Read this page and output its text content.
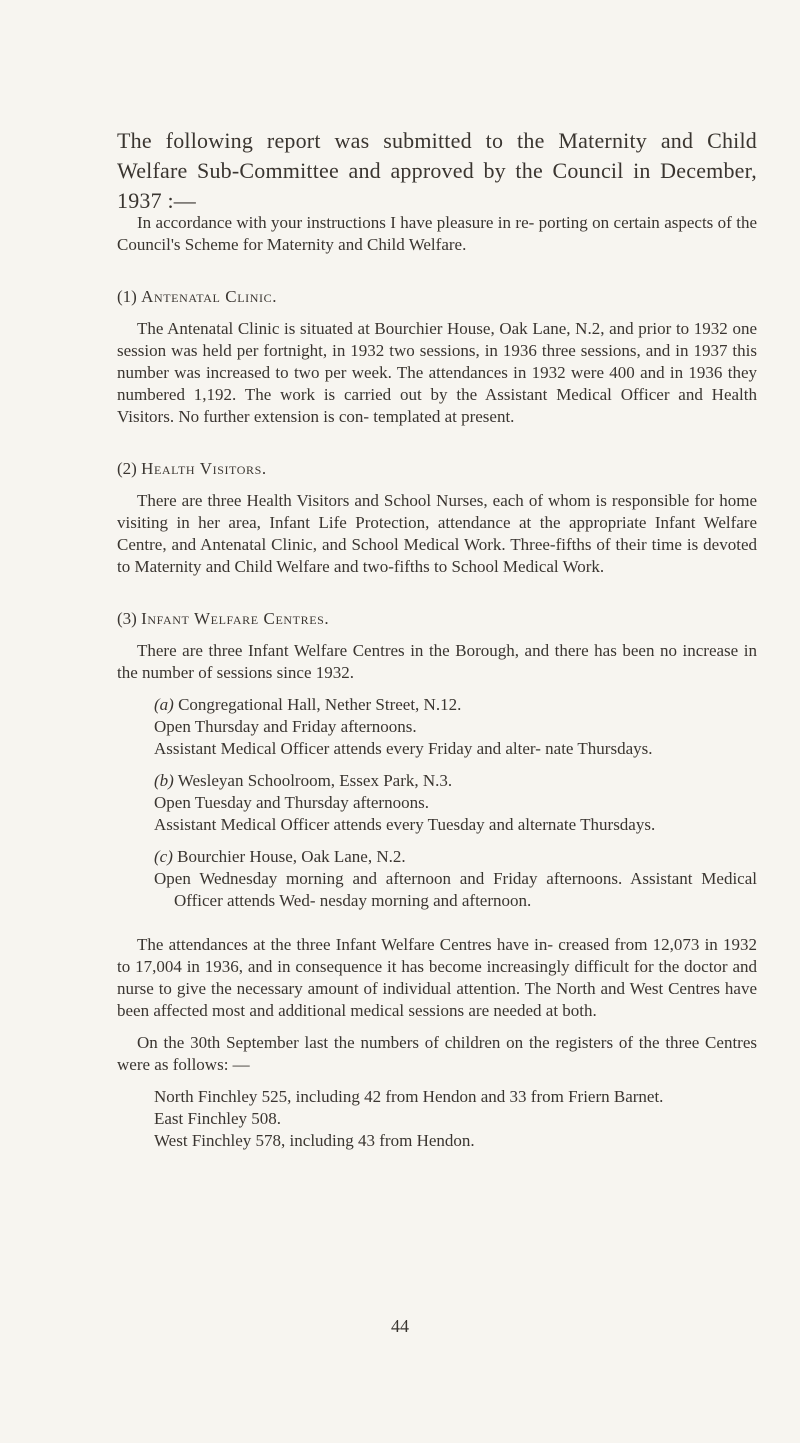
The following report was submitted to the Maternity and Child Welfare Sub-Committee and approved by the Council in December, 1937 :—

In accordance with your instructions I have pleasure in re- porting on certain aspects of the Council's Scheme for Maternity and Child Welfare.

(1) Antenatal Clinic.

The Antenatal Clinic is situated at Bourchier House, Oak Lane, N.2, and prior to 1932 one session was held per fortnight, in 1932 two sessions, in 1936 three sessions, and in 1937 this number was increased to two per week. The attendances in 1932 were 400 and in 1936 they numbered 1,192. The work is carried out by the Assistant Medical Officer and Health Visitors. No further extension is con- templated at present.

(2) Health Visitors.

There are three Health Visitors and School Nurses, each of whom is responsible for home visiting in her area, Infant Life Protection, attendance at the appropriate Infant Welfare Centre, and Antenatal Clinic, and School Medical Work. Three-fifths of their time is devoted to Maternity and Child Welfare and two-fifths to School Medical Work.

(3) Infant Welfare Centres.

There are three Infant Welfare Centres in the Borough, and there has been no increase in the number of sessions since 1932.

(a) Congregational Hall, Nether Street, N.12.

Open Thursday and Friday afternoons.

Assistant Medical Officer attends every Friday and alter- nate Thursdays.

(b) Wesleyan Schoolroom, Essex Park, N.3.

Open Tuesday and Thursday afternoons.

Assistant Medical Officer attends every Tuesday and alternate Thursdays.

(c) Bourchier House, Oak Lane, N.2.

Open Wednesday morning and afternoon and Friday afternoons. Assistant Medical Officer attends Wed- nesday morning and afternoon.

The attendances at the three Infant Welfare Centres have in- creased from 12,073 in 1932 to 17,004 in 1936, and in consequence it has become increasingly difficult for the doctor and nurse to give the necessary amount of individual attention. The North and West Centres have been affected most and additional medical sessions are needed at both.

On the 30th September last the numbers of children on the registers of the three Centres were as follows: —

North Finchley 525, including 42 from Hendon and 33 from Friern Barnet.

East Finchley 508.

West Finchley 578, including 43 from Hendon.

44
